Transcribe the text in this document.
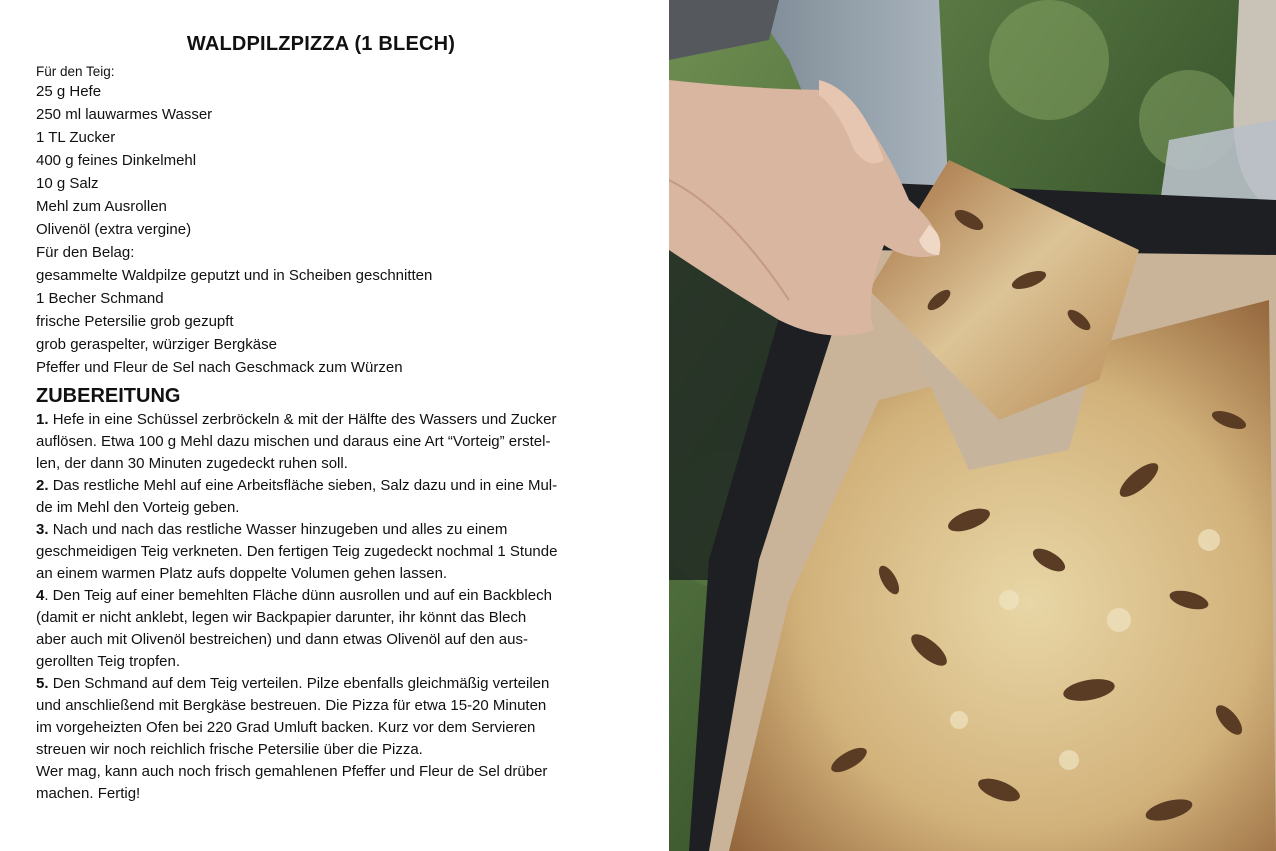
WALDPILZPIZZA (1 BLECH)
Für den Teig:
25 g Hefe
250 ml lauwarmes Wasser
1 TL Zucker
400 g feines Dinkelmehl
10 g Salz
Mehl zum Ausrollen
Olivenöl (extra vergine)
Für den Belag:
gesammelte Waldpilze geputzt und in Scheiben geschnitten
1 Becher Schmand
frische Petersilie grob gezupft
grob geraspelter, würziger Bergkäse
Pfeffer und Fleur de Sel nach Geschmack zum Würzen
ZUBEREITUNG

1. Hefe in eine Schüssel zerbröckeln & mit der Hälfte des Wassers und Zucker
auflösen. Etwa 100 g Mehl dazu mischen und daraus eine Art “Vorteig” erstel-
len, der dann 30 Minuten zugedeckt ruhen soll.

2. Das restliche Mehl auf eine Arbeitsfläche sieben, Salz dazu und in eine Mul-
de im Mehl den Vorteig geben.

3. Nach und nach das restliche Wasser hinzugeben und alles zu einem
geschmeidigen Teig verkneten. Den fertigen Teig zugedeckt nochmal 1 Stunde
an einem warmen Platz aufs doppelte Volumen gehen lassen.

4. Den Teig auf einer bemehlten Fläche dünn ausrollen und auf ein Backblech
(damit er nicht anklebt, legen wir Backpapier darunter, ihr könnt das Blech
aber auch mit Olivenöl bestreichen) und dann etwas Olivenöl auf den aus-
gerollten Teig tropfen.

5. Den Schmand auf dem Teig verteilen. Pilze ebenfalls gleichmäßig verteilen
und anschließend mit Bergkäse bestreuen. Die Pizza für etwa 15-20 Minuten
im vorgeheizten Ofen bei 220 Grad Umluft backen. Kurz vor dem Servieren
streuen wir noch reichlich frische Petersilie über die Pizza.

Wer mag, kann auch noch frisch gemahlenen Pfeffer und Fleur de Sel drüber
machen. Fertig!
